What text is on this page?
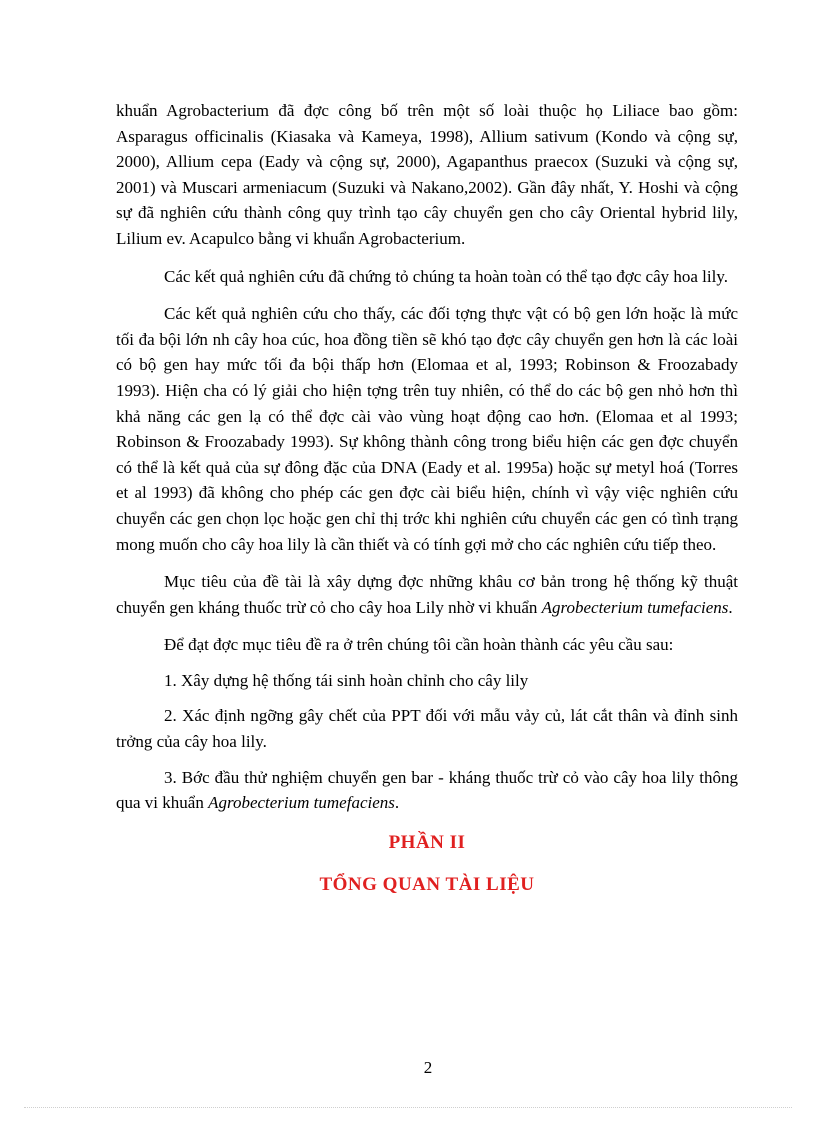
khuẩn Agrobacterium đã đợc công bố trên một số loài thuộc họ Liliace bao gồm: Asparagus officinalis (Kiasaka và Kameya, 1998), Allium sativum (Kondo và cộng sự, 2000), Allium cepa (Eady và cộng sự, 2000), Agapanthus praecox (Suzuki và cộng sự, 2001) và Muscari armeniacum (Suzuki và Nakano,2002). Gần đây nhất, Y. Hoshi và cộng sự đã nghiên cứu thành công quy trình tạo cây chuyển gen cho cây Oriental hybrid lily, Lilium ev. Acapulco bằng vi khuẩn Agrobacterium.

Các kết quả nghiên cứu đã chứng tỏ chúng ta hoàn toàn có thể tạo đợc cây hoa lily.

Các kết quả nghiên cứu cho thấy, các đối tợng thực vật có bộ gen lớn hoặc là mức tối đa bội lớn nh cây hoa cúc, hoa đồng tiền sẽ khó tạo đợc cây chuyển gen hơn là các loài có bộ gen hay mức tối đa bội thấp hơn (Elomaa et al, 1993; Robinson & Froozabady 1993). Hiện cha có lý giải cho hiện tợng trên tuy nhiên, có thể do các bộ gen nhỏ hơn thì khả năng các gen lạ có thể đợc cài vào vùng hoạt động cao hơn. (Elomaa et al 1993; Robinson & Froozabady 1993). Sự không thành công trong biểu hiện các gen đợc chuyển có thể là kết quả của sự đông đặc của DNA (Eady et al. 1995a) hoặc sự metyl hoá (Torres et al 1993) đã không cho phép các gen đợc cài biểu hiện, chính vì vậy việc nghiên cứu chuyển các gen chọn lọc hoặc gen chỉ thị trớc khi nghiên cứu chuyển các gen có tình trạng mong muốn cho cây hoa lily là cần thiết và có tính gợi mở cho các nghiên cứu tiếp theo.

Mục tiêu của đề tài là xây dựng đợc những khâu cơ bản trong hệ thống kỹ thuật chuyển gen kháng thuốc trừ cỏ cho cây hoa Lily nhờ vi khuẩn Agrobecterium tumefaciens.

Để đạt đợc mục tiêu đề ra ở trên chúng tôi cần hoàn thành các yêu cầu sau:

1. Xây dựng hệ thống tái sinh hoàn chỉnh cho cây lily

2. Xác định ngỡng gây chết của PPT đối với mẫu vảy củ, lát cắt thân và đỉnh sinh trởng của cây hoa lily.

3. Bớc đầu thử nghiệm chuyển gen bar - kháng thuốc trừ cỏ vào cây hoa lily thông qua vi khuẩn Agrobecterium tumefaciens.

PHẦN II

TỔNG QUAN TÀI LIỆU

2
